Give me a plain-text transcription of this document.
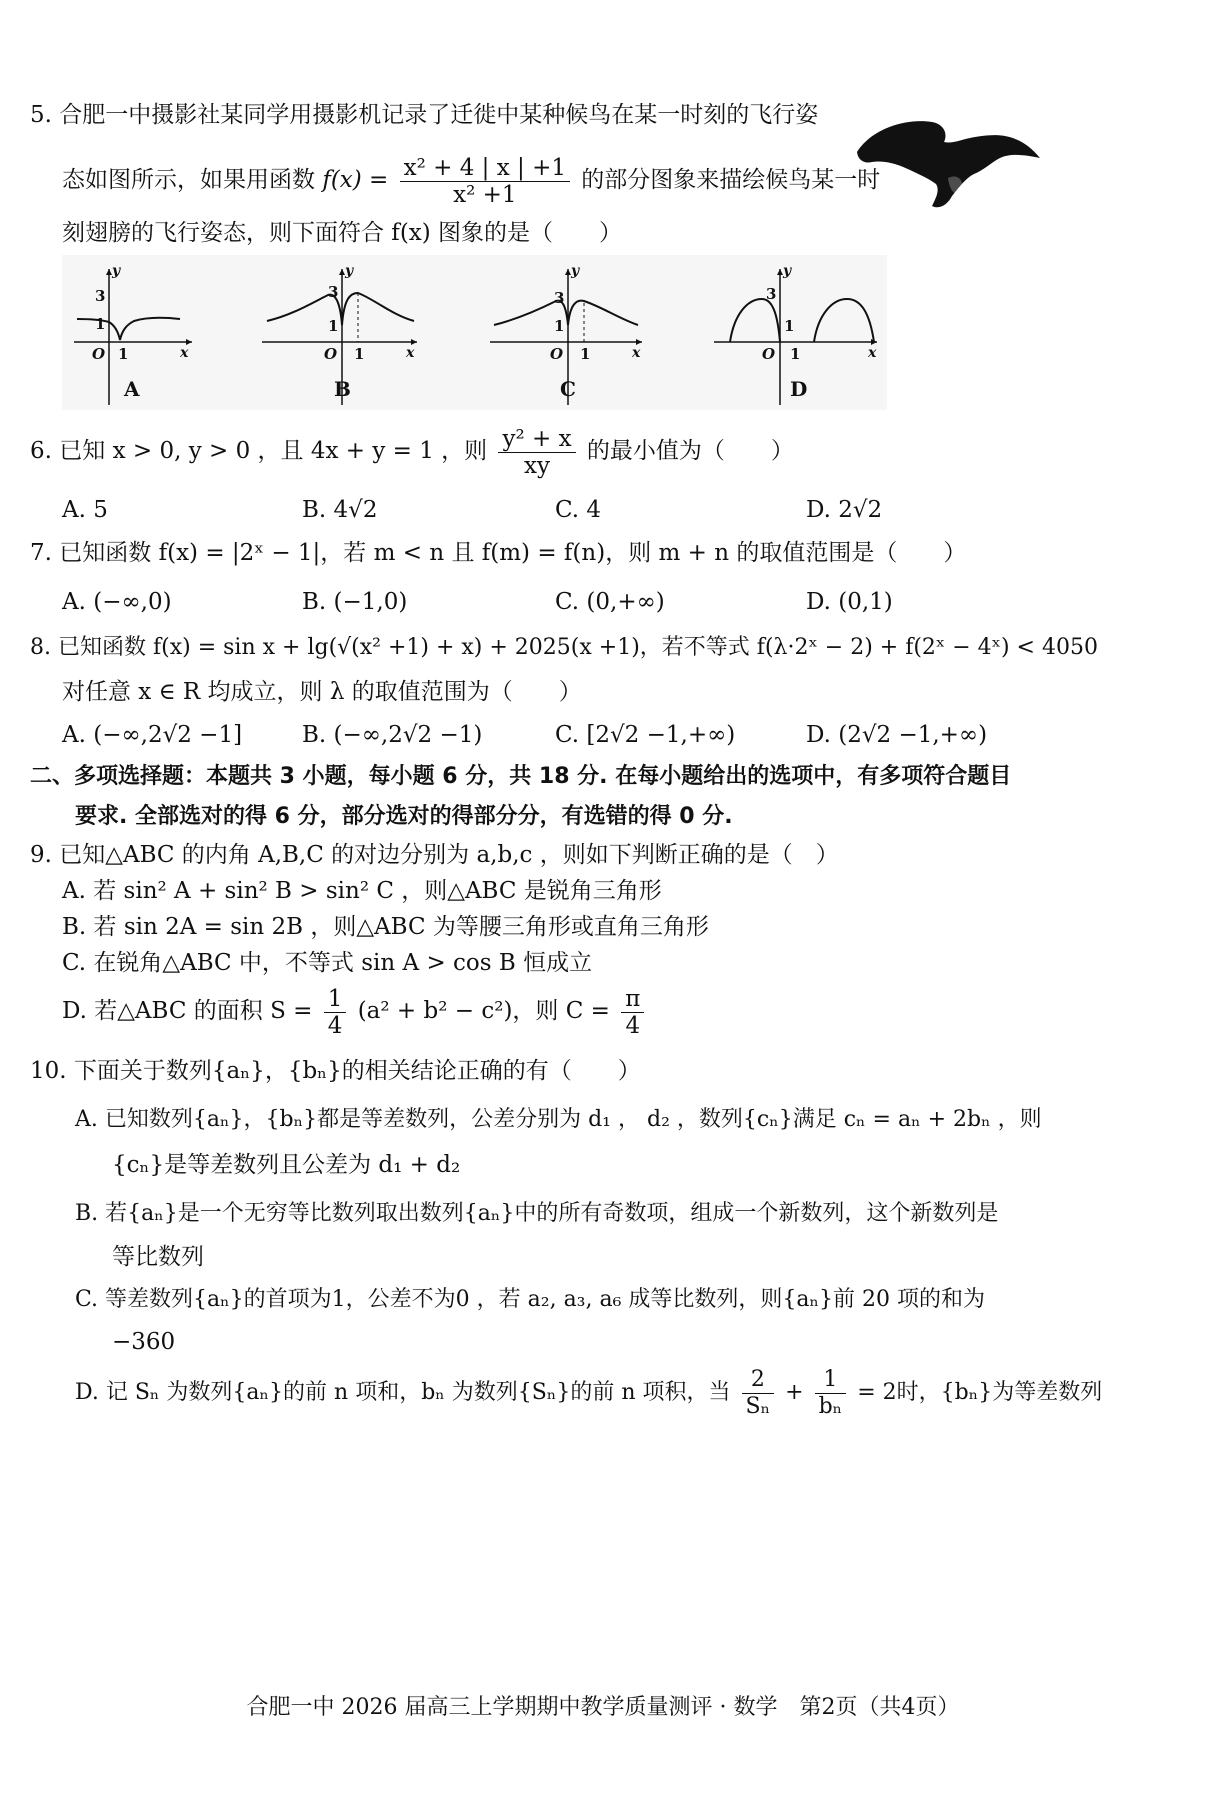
5. 合肥一中摄影社某同学用摄影机记录了迁徙中某种候鸟在某一时刻的飞行姿
态如图所示，如果用函数 $f(x) = \frac{\text{x² + 4 | x | +1}}{\text{x² +1}}$ 的部分图象来描绘候鸟某一时
刻翅膀的飞行姿态，则下面符合 f(x) 图象的是（　　）
y
3
1
O 1	x
A
y
3
1
O 1	x
B
y
3
1
O 1	x
C
y
3
1
O 1	x
D
6. 已知 x > 0, y > 0 ，且 4x + y = 1 ，则 $\frac{\text{y² + x}}{xy}$ 的最小值为（　　）
A. 5	B. 4√2	C. 4	D. 2√2
7. 已知函数 f(x) = |2ˣ − 1|，若 m < n 且 f(m) = f(n)，则 m + n 的取值范围是（　　）
A. (−∞,0)	B. (−1,0)	C. (0,+∞)	D. (0,1)
8. 已知函数 f(x) = sin x + lg(√(x² +1) + x) + 2025(x +1)，若不等式 f(λ·2ˣ − 2) + f(2ˣ − 4ˣ) < 4050
对任意 x ∈ R 均成立，则 λ 的取值范围为（　　）
A. (−∞,2√2 −1]	B. (−∞,2√2 −1)	C. [2√2 −1,+∞)	D. (2√2 −1,+∞)
二、多项选择题：本题共 3 小题，每小题 6 分，共 18 分. 在每小题给出的选项中，有多项符合题目
要求. 全部选对的得 6 分，部分选对的得部分分，有选错的得 0 分.
9. 已知△ABC 的内角 A,B,C 的对边分别为 a,b,c ，则如下判断正确的是（　）
A. 若 sin² A + sin² B > sin² C ，则△ABC 是锐角三角形
B. 若 sin 2A = sin 2B ，则△ABC 为等腰三角形或直角三角形
C. 在锐角△ABC 中，不等式 sin A > cos B 恒成立
D. 若△ABC 的面积 $S = \frac{1}{4} (a^2 + b^2 - c^2)$，则 $C = \frac{\pi}{4}$
10. 下面关于数列{aₙ}，{bₙ}的相关结论正确的有（　　）
A. 已知数列{aₙ}，{bₙ}都是等差数列，公差分别为 d₁ ， d₂ ，数列{cₙ}满足 cₙ = aₙ + 2bₙ ，则
{cₙ}是等差数列且公差为 d₁ + d₂
B. 若{aₙ}是一个无穷等比数列取出数列{aₙ}中的所有奇数项，组成一个新数列，这个新数列是
等比数列
C. 等差数列{aₙ}的首项为1，公差不为0 ，若 a₂, a₃, a₆ 成等比数列，则{aₙ}前 20 项的和为
−360
D. 记 Sₙ 为数列{aₙ}的前 n 项和，bₙ 为数列{Sₙ}的前 n 项积，当 $\frac{2}{\text{Sₙ}} + \frac{1}{\text{bₙ}} = 2$时，{bₙ}为等差数列
合肥一中 2026 届高三上学期期中教学质量测评 · 数学　第2页（共4页）
